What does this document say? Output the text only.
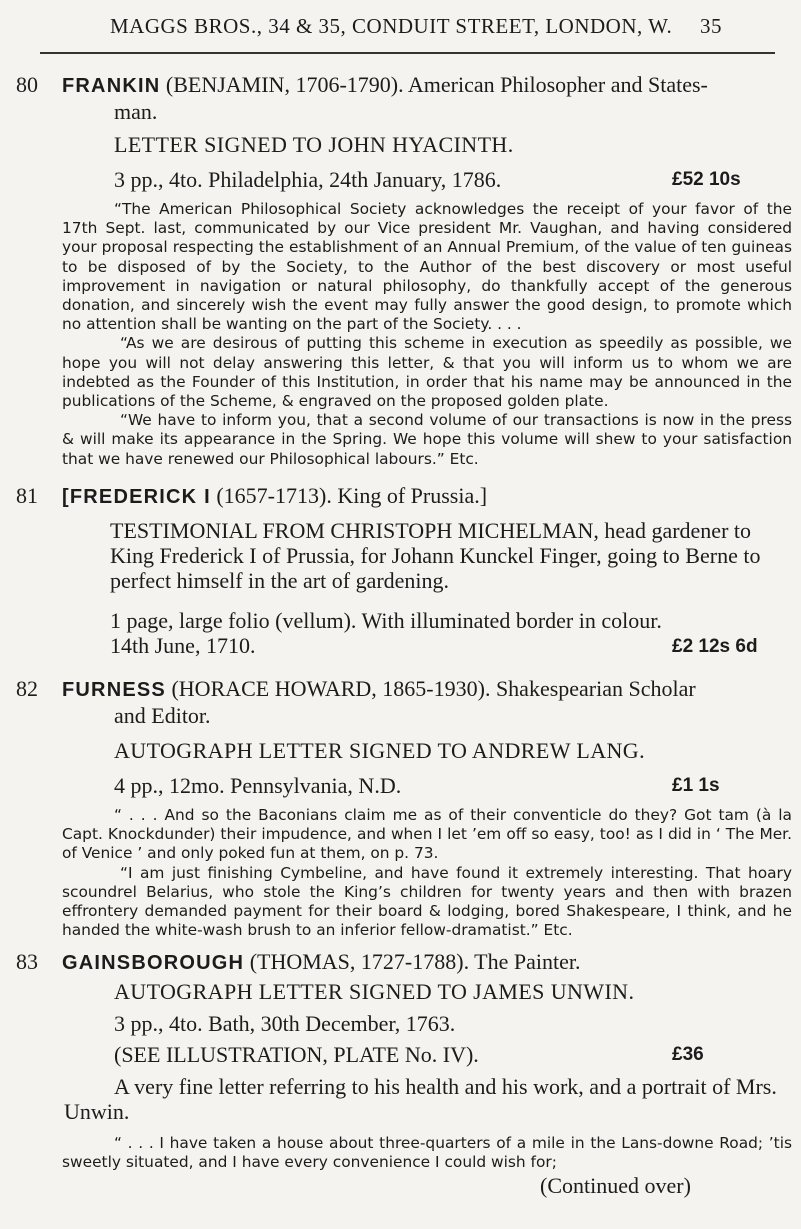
MAGGS BROS., 34 & 35, CONDUIT STREET, LONDON, W. 35
80 FRANKIN (BENJAMIN, 1706-1790). American Philosopher and States-
man.
LETTER SIGNED TO JOHN HYACINTH.
3 pp., 4to. Philadelphia, 24th January, 1786.	£52 10s

“The American Philosophical Society acknowledges the receipt of your favor of the 17th Sept. last, communicated by our Vice president Mr. Vaughan, and having considered your proposal respecting the establishment of an Annual Premium, of the value of ten guineas to be disposed of by the Society, to the Author of the best discovery or most useful improvement in navigation or natural philosophy, do thankfully accept of the generous donation, and sincerely wish the event may fully answer the good design, to promote which no attention shall be wanting on the part of the Society. . . .

“As we are desirous of putting this scheme in execution as speedily as possible, we hope you will not delay answering this letter, & that you will inform us to whom we are indebted as the Founder of this Institution, in order that his name may be announced in the publications of the Scheme, & engraved on the proposed golden plate.

“We have to inform you, that a second volume of our transactions is now in the press & will make its appearance in the Spring. We hope this volume will shew to your satisfaction that we have renewed our Philosophical labours.” Etc.

81 [FREDERICK I (1657-1713). King of Prussia.]
TESTIMONIAL FROM CHRISTOPH MICHELMAN, head gardener to King Frederick I of Prussia, for Johann Kunckel Finger, going to Berne to perfect himself in the art of gardening.
1 page, large folio (vellum). With illuminated border in colour. 14th June, 1710.	£2 12s 6d
82 FURNESS (HORACE HOWARD, 1865-1930). Shakespearian Scholar
and Editor.
AUTOGRAPH LETTER SIGNED TO ANDREW LANG.
4 pp., 12mo. Pennsylvania, N.D.	£1 1s

“ . . . And so the Baconians claim me as of their conventicle do they? Got tam (à la Capt. Knockdunder) their impudence, and when I let ’em off so easy, too! as I did in ‘ The Mer. of Venice ’ and only poked fun at them, on p. 73.

“I am just finishing Cymbeline, and have found it extremely interesting. That hoary scoundrel Belarius, who stole the King’s children for twenty years and then with brazen effrontery demanded payment for their board & lodging, bored Shakespeare, I think, and he handed the white-wash brush to an inferior fellow-dramatist.” Etc.

83 GAINSBOROUGH (THOMAS, 1727-1788). The Painter.
AUTOGRAPH LETTER SIGNED TO JAMES UNWIN.
3 pp., 4to. Bath, 30th December, 1763.
(SEE ILLUSTRATION, PLATE No. IV).	£36
A very fine letter referring to his health and his work, and a portrait of Mrs. Unwin.

“ . . . I have taken a house about three-quarters of a mile in the Lans-downe Road; ’tis sweetly situated, and I have every convenience I could wish for;

(Continued over)
